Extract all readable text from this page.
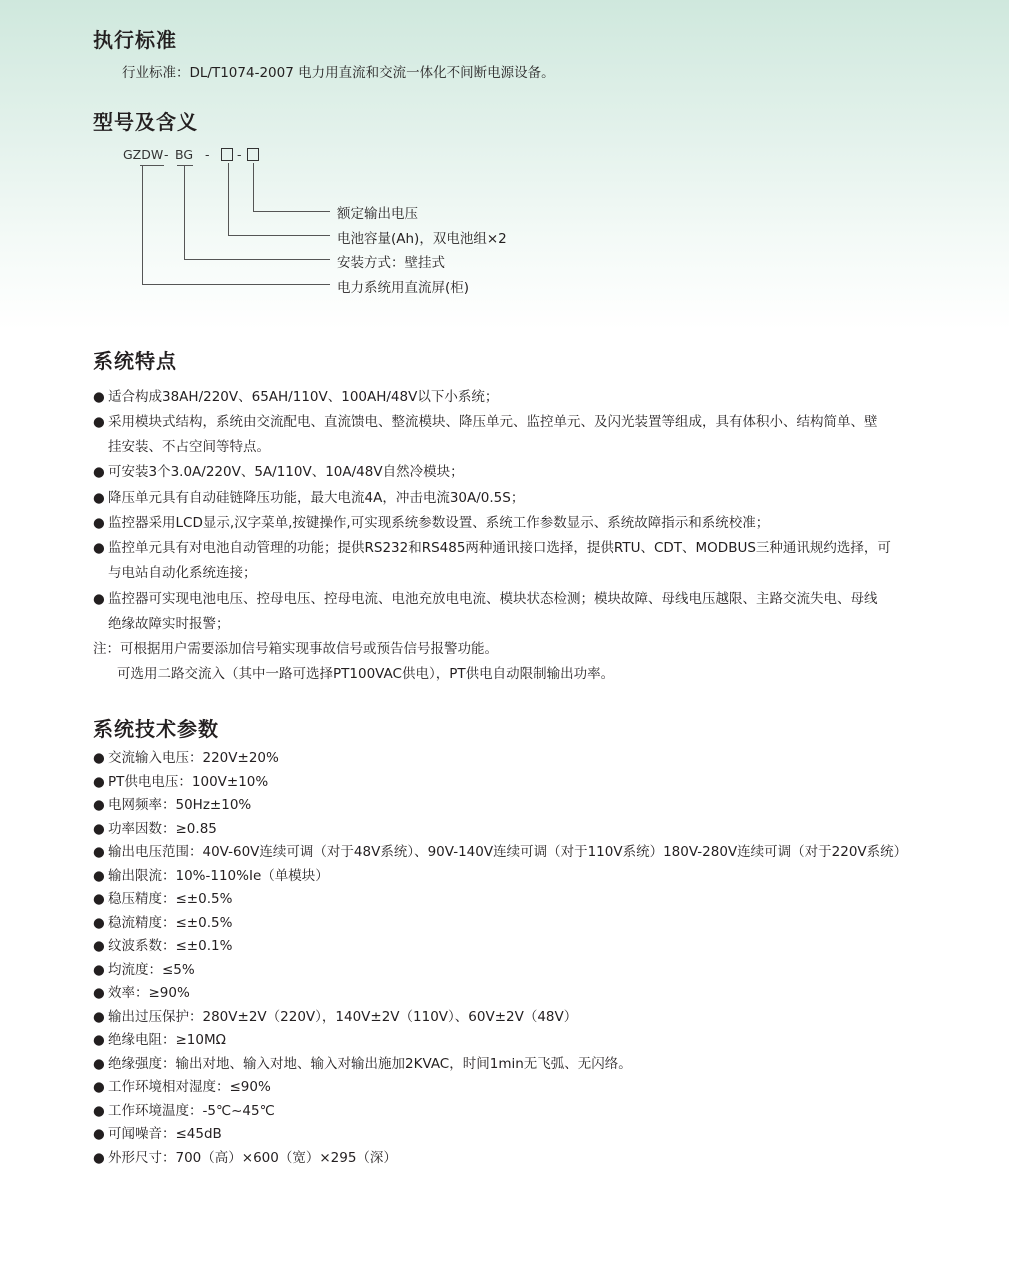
执行标准
行业标准：DL/T1074-2007 电力用直流和交流一体化不间断电源设备。
型号及含义
GZDW - BG - -
额定输出电压
电池容量(Ah)，双电池组×2
安装方式：壁挂式
电力系统用直流屏(柜)
系统特点
● 适合构成38AH/220V、65AH/110V、100AH/48V以下小系统；
● 采用模块式结构，系统由交流配电、直流馈电、整流模块、降压单元、监控单元、及闪光装置等组成，具有体积小、结构简单、壁
挂安装、不占空间等特点。
● 可安装3个3.0A/220V、5A/110V、10A/48V自然冷模块；
● 降压单元具有自动硅链降压功能，最大电流4A，冲击电流30A/0.5S；
● 监控器采用LCD显示,汉字菜单,按键操作,可实现系统参数设置、系统工作参数显示、系统故障指示和系统校准；
● 监控单元具有对电池自动管理的功能；提供RS232和RS485两种通讯接口选择，提供RTU、CDT、MODBUS三种通讯规约选择，可
与电站自动化系统连接；
● 监控器可实现电池电压、控母电压、控母电流、电池充放电电流、模块状态检测；模块故障、母线电压越限、主路交流失电、母线
绝缘故障实时报警；
注：可根据用户需要添加信号箱实现事故信号或预告信号报警功能。
可选用二路交流入（其中一路可选择PT100VAC供电），PT供电自动限制输出功率。
系统技术参数
● 交流输入电压：220V±20%
● PT供电电压：100V±10%
● 电网频率：50Hz±10%
● 功率因数：≥0.85
● 输出电压范围：40V-60V连续可调（对于48V系统）、90V-140V连续可调（对于110V系统）180V-280V连续可调（对于220V系统）
● 输出限流：10%-110%Ie（单模块）
● 稳压精度：≤±0.5%
● 稳流精度：≤±0.5%
● 纹波系数：≤±0.1%
● 均流度：≤5%
● 效率：≥90%
● 输出过压保护：280V±2V（220V），140V±2V（110V）、60V±2V（48V）
● 绝缘电阻：≥10MΩ
● 绝缘强度：输出对地、输入对地、输入对输出施加2KVAC，时间1min无飞弧、无闪络。
● 工作环境相对湿度：≤90%
● 工作环境温度：-5℃~45℃
● 可闻噪音：≤45dB
● 外形尺寸：700（高）×600（宽）×295（深）
